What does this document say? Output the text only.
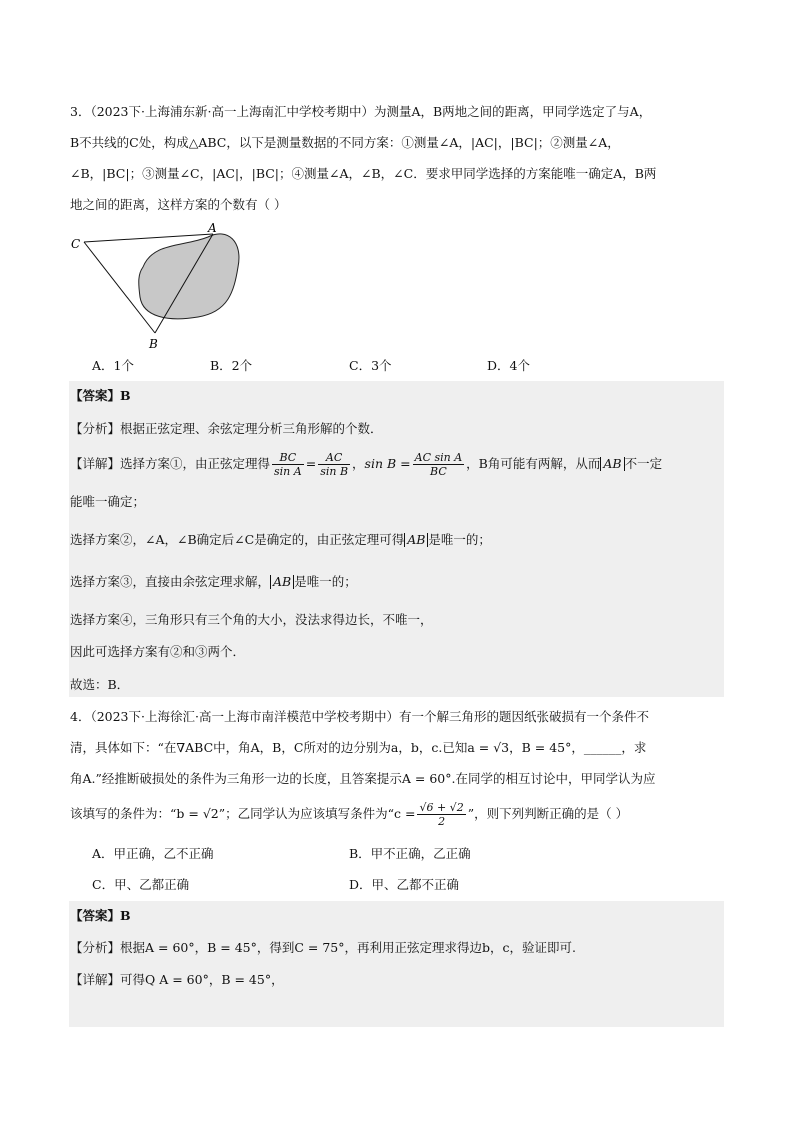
3．（2023下·上海浦东新·高一上海南汇中学校考期中）为测量A，B两地之间的距离，甲同学选定了与A，
B不共线的C处，构成△ABC，以下是测量数据的不同方案：①测量∠A，|AC|，|BC|；②测量∠A，
∠B，|BC|；③测量∠C，|AC|，|BC|；④测量∠A，∠B，∠C．要求甲同学选择的方案能唯一确定A，B两
地之间的距离，这样方案的个数有（ ）
C
A
B
A．1个	B．2个	C．3个	D．4个
【答案】B
【分析】根据正弦定理、余弦定理分析三角形解的个数．
【详解】选择方案①，由正弦定理得 $\frac{BC}{\text{sin A}} = \frac{AC}{\text{sin B}}$ ，$\sin B = \frac{\text{AC sin A}}{BC}$ ，B角可能有两解，从而 AB 不一定
能唯一确定；
选择方案②，∠A，∠B确定后∠C是确定的，由正弦定理可得 AB 是唯一的；
选择方案③，直接由余弦定理求解， AB 是唯一的；
选择方案④，三角形只有三个角的大小，没法求得边长，不唯一，
因此可选择方案有②和③两个．
故选：B．
4．（2023下·上海徐汇·高一上海市南洋模范中学校考期中）有一个解三角形的题因纸张破损有一个条件不
清，具体如下：“在∇ABC中，角A，B，C所对的边分别为a，b，c.已知a = √3，B = 45°，______，求
角A.”经推断破损处的条件为三角形一边的长度，且答案提示A = 60°.在同学的相互讨论中，甲同学认为应
该填写的条件为：“b = √2”；乙同学认为应该填写条件为“$c = \frac{√6 + √2}{2}$ ”，则下列判断正确的是（ ）
A．甲正确，乙不正确	B．甲不正确，乙正确
C．甲、乙都正确	D．甲、乙都不正确
【答案】B
【分析】根据A = 60°，B = 45°，得到C = 75°，再利用正弦定理求得边b，c，验证即可.
【详解】可得Q A = 60°，B = 45°，
